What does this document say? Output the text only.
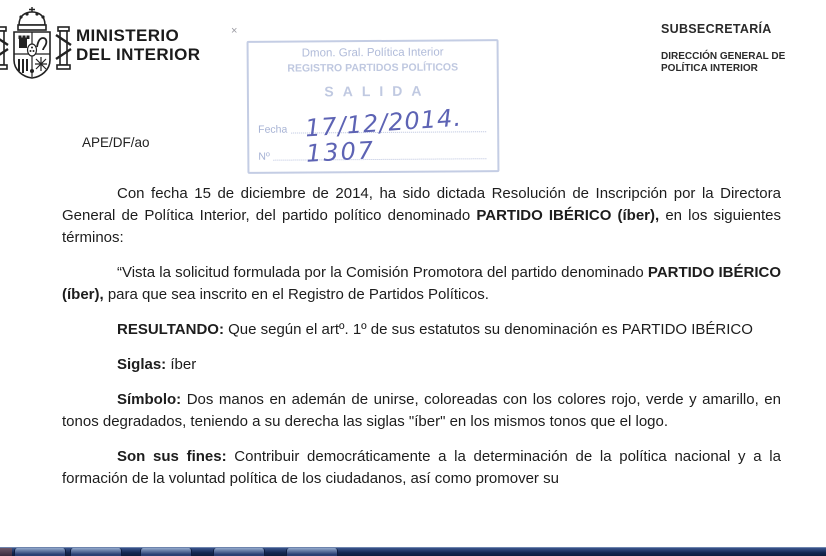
MINISTERIO
DEL INTERIOR
SUBSECRETARÍA
DIRECCIÓN GENERAL DE
POLÍTICA INTERIOR
APE/DF/ao
×
Dmon. Gral. Política Interior
REGISTRO PARTIDOS POLÍTICOS
SALIDA
Fecha
Nº
17/12/2014.
1307

Con fecha 15 de diciembre de 2014, ha sido dictada Resolución de Inscripción por la Directora General de Política Interior, del partido político denominado PARTIDO IBÉRICO (íber), en los siguientes términos:

“Vista la solicitud formulada por la Comisión Promotora del partido denominado PARTIDO IBÉRICO (íber), para que sea inscrito en el Registro de Partidos Políticos.

RESULTANDO: Que según el artº. 1º de sus estatutos su denominación es PARTIDO IBÉRICO

Siglas: íber

Símbolo: Dos manos en ademán de unirse, coloreadas con los colores rojo, verde y amarillo, en tonos degradados, teniendo a su derecha las siglas "íber" en los mismos tonos que el logo.

Son sus fines: Contribuir democráticamente a la determinación de la política nacional y a la formación de la voluntad política de los ciudadanos, así como promover su
